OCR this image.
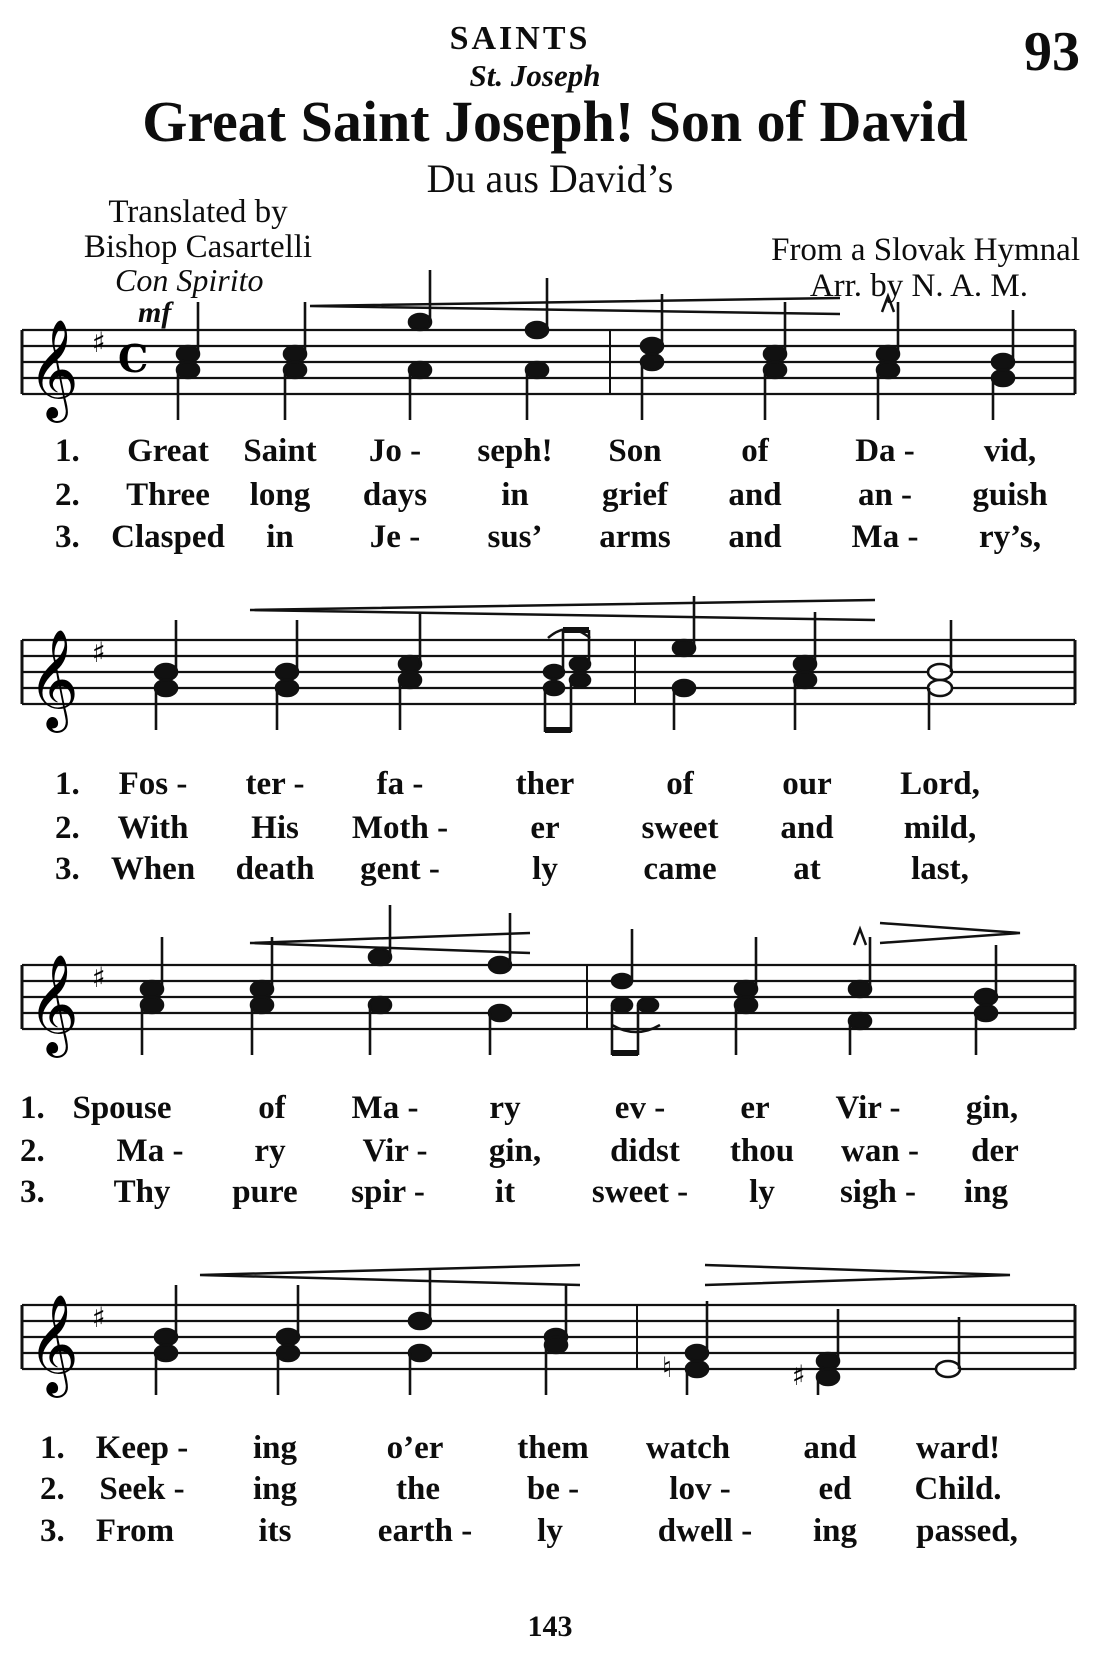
SAINTS
St. Joseph	93
Great Saint Joseph! Son of David
Du aus David’s
Translated by
Bishop Casartelli
Con Spirito
From a Slovak Hymnal
Arr. by N. A. M.
mf
𝄞 ♯ C
𝄞 ♯
𝄞 ♯
𝄞 ♯
♮	♯
1. Great Saint Jo - seph! Son of	Da - vid,
2. Three long days in grief and an - guish
3. Clasped in Je - sus’ arms and Ma - ry’s,
1. Fos - ter - fa -	ther	of	our Lord,
2. With His Moth - er sweet and mild,
3. When death gent -	ly	came at	last,
1. Spouse	of Ma - ry	ev - er Vir - gin,
2. Ma - ry Vir - gin, didst thou wan - der
3. Thy pure spir - it sweet - ly sigh - ing
1. Keep - ing	o’er them watch and ward!
2. Seek - ing	the	be -	lov -	ed Child.
3. From	its	earth - ly	dwell - ing passed,
143
